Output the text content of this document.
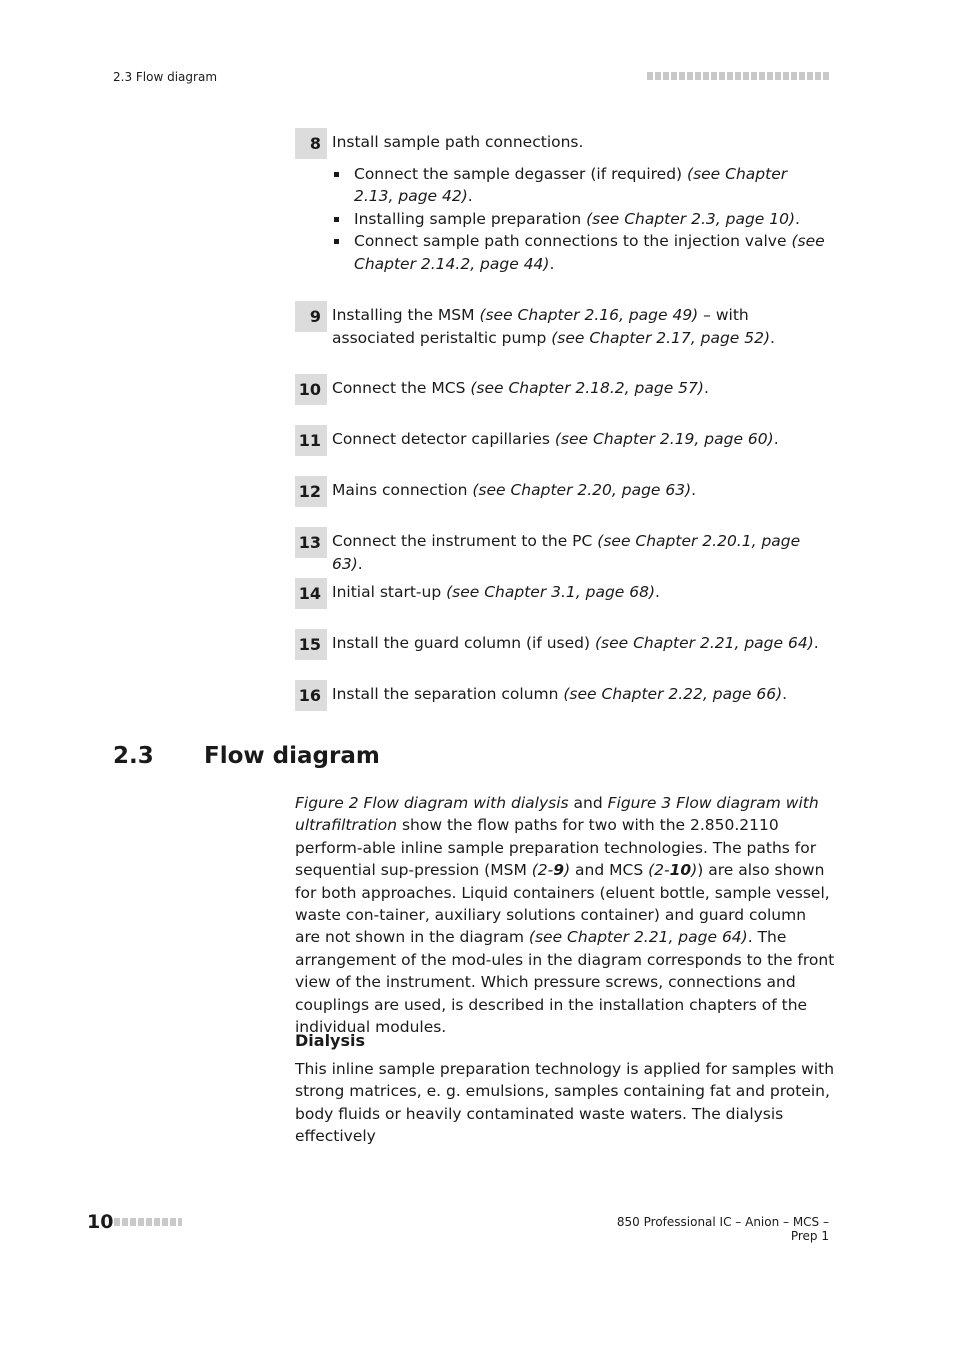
2.3 Flow diagram
8 Install sample path connections.
Connect the sample degasser (if required) (see Chapter 2.13, page 42).
Installing sample preparation (see Chapter 2.3, page 10).
Connect sample path connections to the injection valve (see Chapter 2.14.2, page 44).
9 Installing the MSM (see Chapter 2.16, page 49) – with associated peristaltic pump (see Chapter 2.17, page 52).
10 Connect the MCS (see Chapter 2.18.2, page 57).
11 Connect detector capillaries (see Chapter 2.19, page 60).
12 Mains connection (see Chapter 2.20, page 63).
13 Connect the instrument to the PC (see Chapter 2.20.1, page 63).
14 Initial start-up (see Chapter 3.1, page 68).
15 Install the guard column (if used) (see Chapter 2.21, page 64).
16 Install the separation column (see Chapter 2.22, page 66).
2.3 Flow diagram
Figure 2 Flow diagram with dialysis and Figure 3 Flow diagram with ultrafiltration show the flow paths for two with the 2.850.2110 perform-able inline sample preparation technologies. The paths for sequential sup-pression (MSM (2-9) and MCS (2-10)) are also shown for both approaches. Liquid containers (eluent bottle, sample vessel, waste con-tainer, auxiliary solutions container) and guard column are not shown in the diagram (see Chapter 2.21, page 64). The arrangement of the mod-ules in the diagram corresponds to the front view of the instrument. Which pressure screws, connections and couplings are used, is described in the installation chapters of the individual modules.
Dialysis
This inline sample preparation technology is applied for samples with strong matrices, e. g. emulsions, samples containing fat and protein, body fluids or heavily contaminated waste waters. The dialysis effectively
10	850 Professional IC – Anion – MCS – Prep 1
